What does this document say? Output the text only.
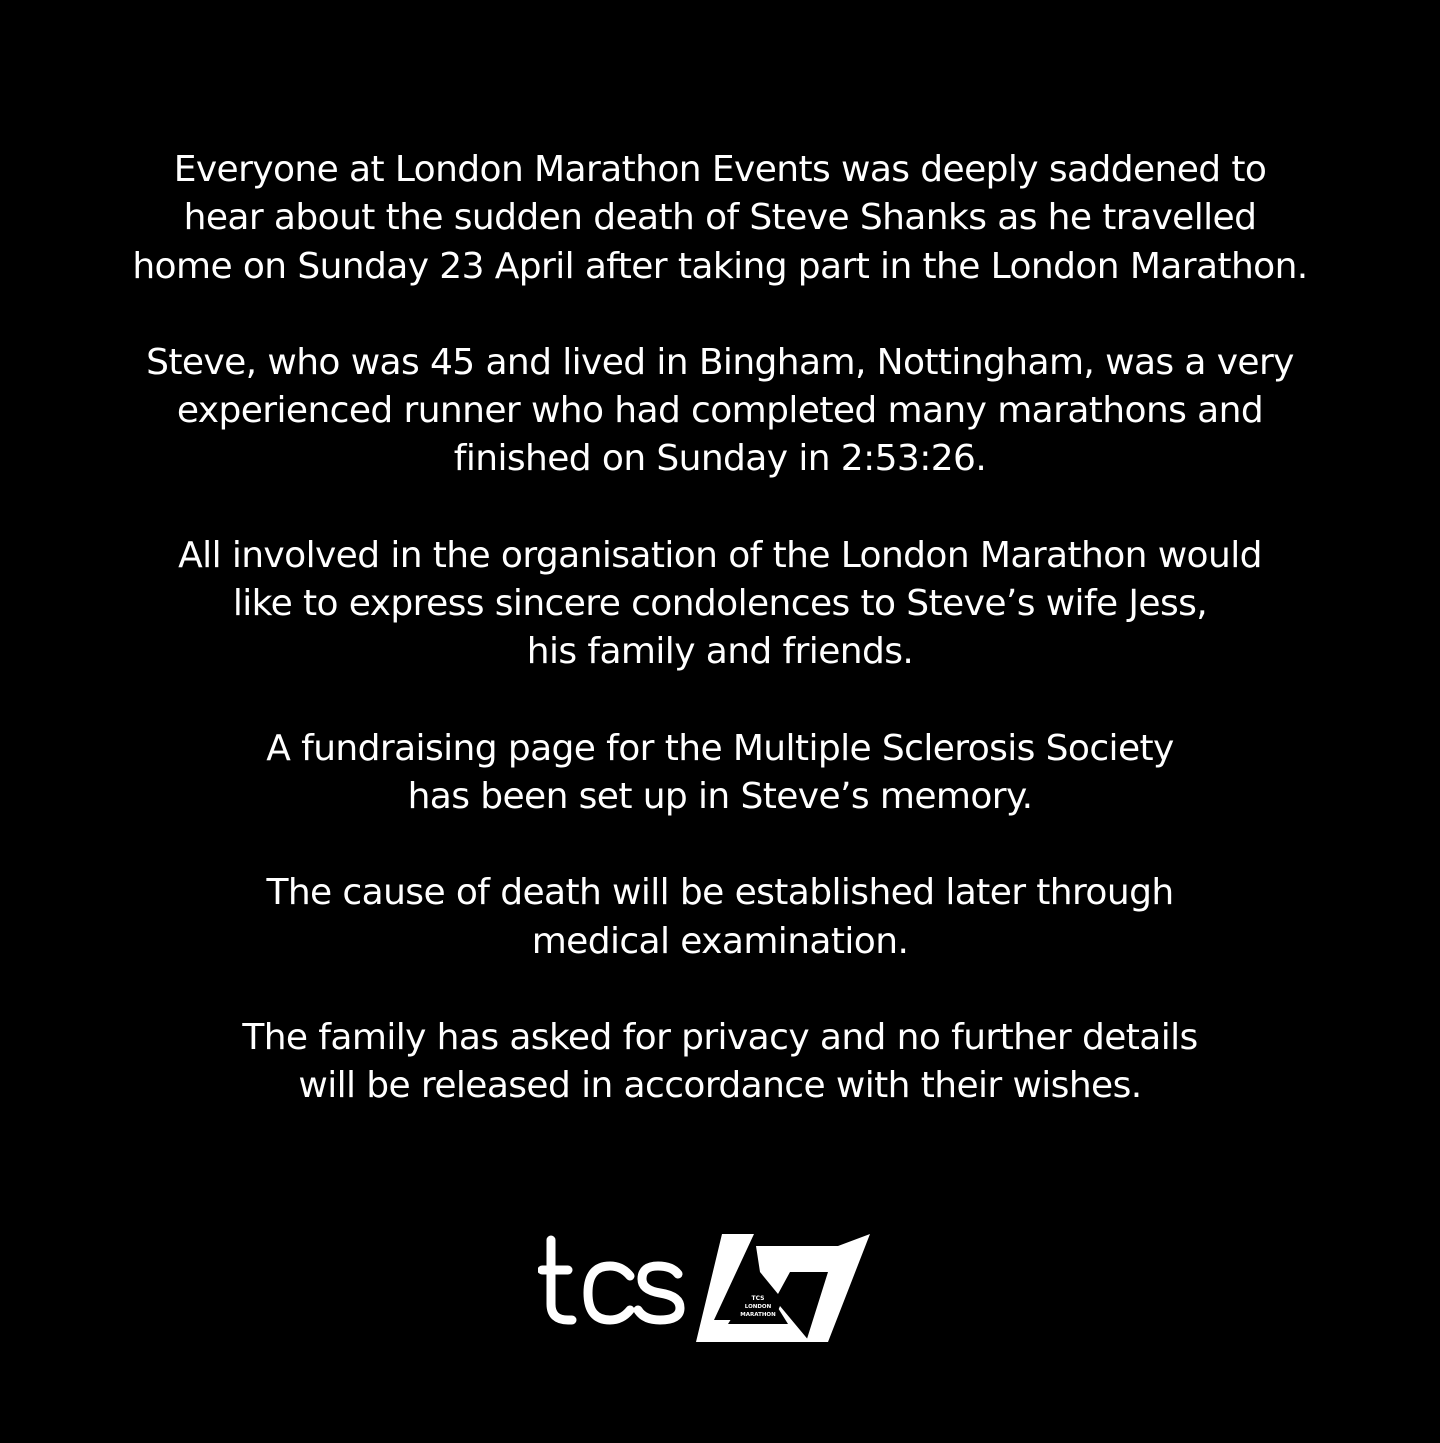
Everyone at London Marathon Events was deeply saddened to
hear about the sudden death of Steve Shanks as he travelled
home on Sunday 23 April after taking part in the London Marathon.

Steve, who was 45 and lived in Bingham, Nottingham, was a very
experienced runner who had completed many marathons and
finished on Sunday in 2:53:26.

All involved in the organisation of the London Marathon would
like to express sincere condolences to Steve’s wife Jess,
his family and friends.

A fundraising page for the Multiple Sclerosis Society
has been set up in Steve’s memory.

The cause of death will be established later through
medical examination.

The family has asked for privacy and no further details
will be released in accordance with their wishes.

TCS
LONDON
MARATHON
